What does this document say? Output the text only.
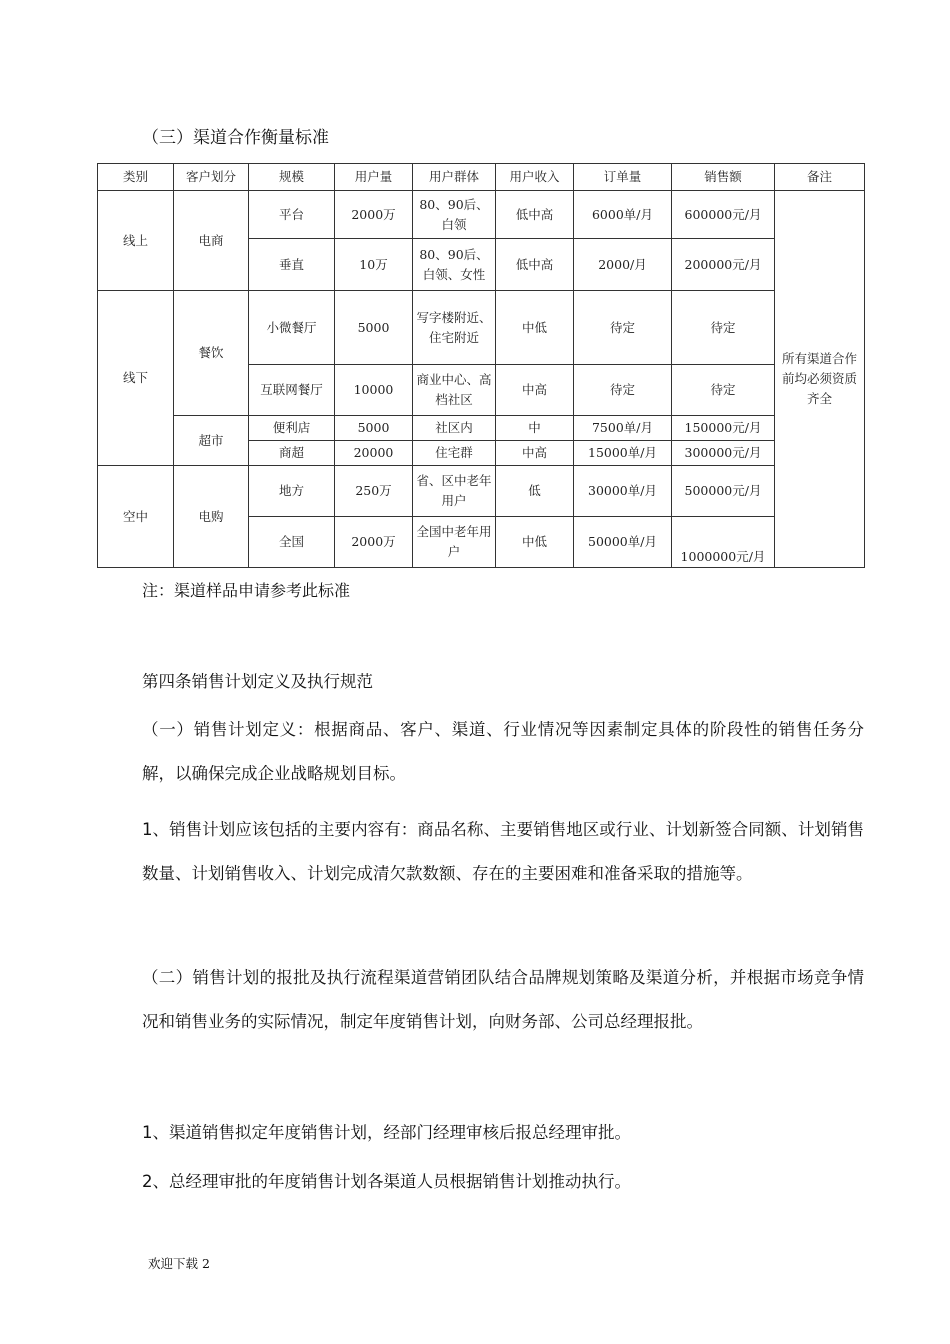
（三）渠道合作衡量标准
类别	客户划分	规模	用户量	用户群体	用户收入	订单量	销售额	备注
线上	电商	平台	2000万	80、90后、白领	低中高	6000单/月	600000元/月	所有渠道合作前均必须资质齐全
		垂直	10万	80、90后、白领、女性	低中高	2000/月	200000元/月	
线下	餐饮	小微餐厅	5000	写字楼附近、住宅附近	中低	待定	待定	
		互联网餐厅	10000	商业中心、高档社区	中高	待定	待定	
	超市	便利店	5000	社区内	中	7500单/月	150000元/月	
		商超	20000	住宅群	中高	15000单/月	300000元/月	
空中	电购	地方	250万	省、区中老年用户	低	30000单/月	500000元/月	
		全国	2000万	全国中老年用户	中低	50000单/月	1000000元/月	
注：渠道样品申请参考此标准
第四条销售计划定义及执行规范
（一）销售计划定义：根据商品、客户、渠道、行业情况等因素制定具体的阶段性的销售任务分解，以确保完成企业战略规划目标。
1、销售计划应该包括的主要内容有：商品名称、主要销售地区或行业、计划新签合同额、计划销售数量、计划销售收入、计划完成清欠款数额、存在的主要困难和准备采取的措施等。
（二）销售计划的报批及执行流程渠道营销团队结合品牌规划策略及渠道分析，并根据市场竞争情况和销售业务的实际情况，制定年度销售计划，向财务部、公司总经理报批。
1、渠道销售拟定年度销售计划，经部门经理审核后报总经理审批。
2、总经理审批的年度销售计划各渠道人员根据销售计划推动执行。
欢迎下载 2
